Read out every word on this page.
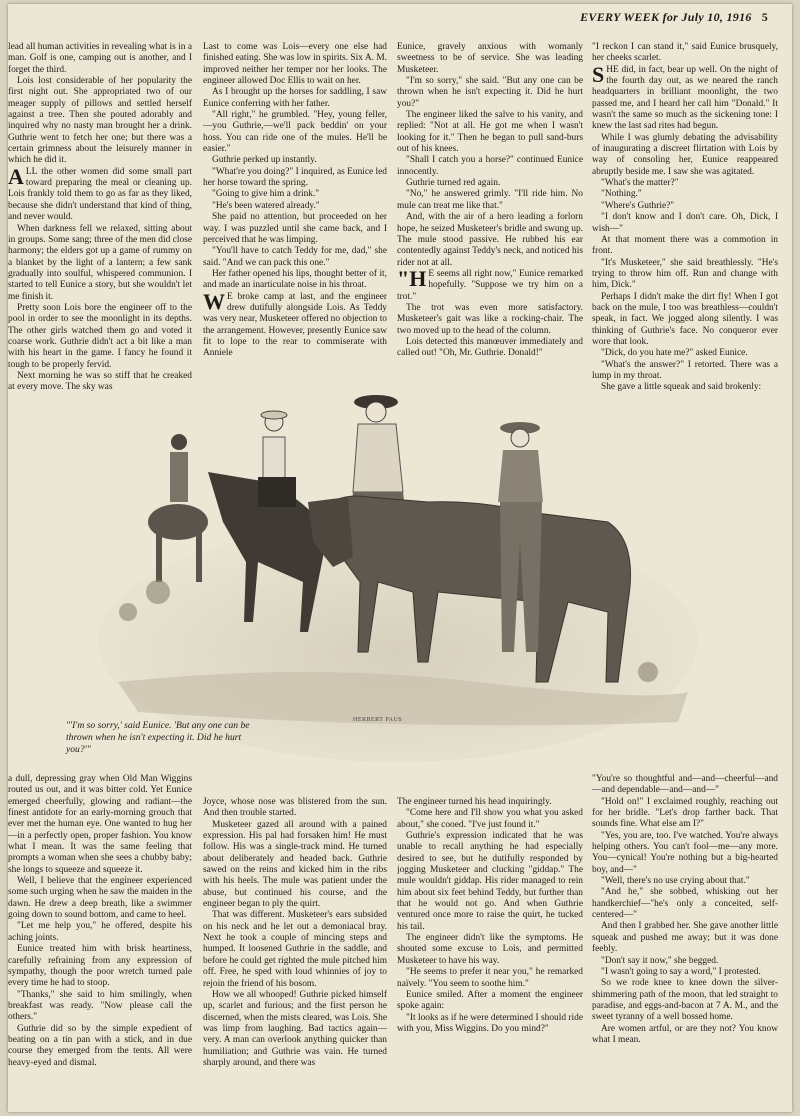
EVERY WEEK for July 10, 1916 5

lead all human activities in revealing what is in a man. Golf is one, camping out is another, and I forget the third.

Lois lost considerable of her popularity the first night out. She appropriated two of our meager supply of pillows and settled herself against a tree. Then she pouted adorably and inquired why no nasty man brought her a drink. Guthrie went to fetch her one; but there was a certain grimness about the leisurely manner in which he did it.

ALL the other women did some small part toward preparing the meal or cleaning up. Lois frankly told them to go as far as they liked, because she didn't understand that kind of thing, and never would.

When darkness fell we relaxed, sitting about in groups. Some sang; three of the men did close harmony; the elders got up a game of rummy on a blanket by the light of a lantern; a few sank gradually into soulful, whispered communion. I started to tell Eunice a story, but she wouldn't let me finish it.

Pretty soon Lois bore the engineer off to the pool in order to see the moonlight in its depths. The other girls watched them go and voted it coarse work. Guthrie didn't act a bit like a man with his heart in the game. I fancy he found it tough to be properly fervid.

Next morning he was so stiff that he creaked at every move. The sky was

Last to come was Lois—every one else had finished eating. She was low in spirits. Six A. M. improved neither her temper nor her looks. The engineer allowed Doc Ellis to wait on her.

As I brought up the horses for saddling, I saw Eunice conferring with her father.

"All right," he grumbled. "Hey, young feller,—you Guthrie,—we'll pack beddin' on your hoss. You can ride one of the mules. He'll be easier."

Guthrie perked up instantly.

"What're you doing?" I inquired, as Eunice led her horse toward the spring.

"Going to give him a drink."

"He's been watered already."

She paid no attention, but proceeded on her way. I was puzzled until she came back, and I perceived that he was limping.

"You'll have to catch Teddy for me, dad," she said. "And we can pack this one."

Her father opened his lips, thought better of it, and made an inarticulate noise in his throat.

WE broke camp at last, and the engineer drew dutifully alongside Lois. As Teddy was very near, Musketeer offered no objection to the arrangement. However, presently Eunice saw fit to lope to the rear to commiserate with Anniele

Eunice, gravely anxious with womanly sweetness to be of service. She was leading Musketeer.

"I'm so sorry," she said. "But any one can be thrown when he isn't expecting it. Did he hurt you?"

The engineer liked the salve to his vanity, and replied: "Not at all. He got me when I wasn't looking for it." Then he began to pull sand-burs out of his knees.

"Shall I catch you a horse?" continued Eunice innocently.

Guthrie turned red again.

"No," he answered grimly. "I'll ride him. No mule can treat me like that."

And, with the air of a hero leading a forlorn hope, he seized Musketeer's bridle and swung up. The mule stood passive. He rubbed his ear contentedly against Teddy's neck, and noticed his rider not at all.

"HE seems all right now," Eunice remarked hopefully. "Suppose we try him on a trot."

The trot was even more satisfactory. Musketeer's gait was like a rocking-chair. The two moved up to the head of the column.

Lois detected this manœuver immediately and called out! "Oh, Mr. Guthrie. Donald!"

"I reckon I can stand it," said Eunice brusquely, her cheeks scarlet.

SHE did, in fact, bear up well. On the night of the fourth day out, as we neared the ranch headquarters in brilliant moonlight, the two passed me, and I heard her call him "Donald." It wasn't the same so much as the sickening tone: I knew the last sad rites had begun.

While I was glumly debating the advisability of inaugurating a discreet flirtation with Lois by way of consoling her, Eunice reappeared abruptly beside me. I saw she was agitated.

"What's the matter?"

"Nothing."

"Where's Guthrie?"

"I don't know and I don't care. Oh, Dick, I wish—"

At that moment there was a commotion in front.

"It's Musketeer," she said breathlessly. "He's trying to throw him off. Run and change with him, Dick."

Perhaps I didn't make the dirt fly! When I got back on the mule, I too was breathless—couldn't speak, in fact. We jogged along silently. I was thinking of Guthrie's face. No conqueror ever wore that look.

"Dick, do you hate me?" asked Eunice.

"What's the answer?" I retorted. There was a lump in my throat.

She gave a little squeak and said brokenly:

"'I'm so sorry,' said Eunice. 'But any one can be thrown when he isn't expecting it. Did he hurt you?'"
HERBERT PAUS

a dull, depressing gray when Old Man Wiggins routed us out, and it was bitter cold. Yet Eunice emerged cheerfully, glowing and radiant—the finest antidote for an early-morning grouch that ever met the human eye. One wanted to hug her—in a perfectly open, proper fashion. You know what I mean. It was the same feeling that prompts a woman when she sees a chubby baby; she longs to squeeze and squeeze it.

Well, I believe that the engineer experienced some such urging when he saw the maiden in the dawn. He drew a deep breath, like a swimmer going down to sound bottom, and came to heel.

"Let me help you," he offered, despite his aching joints.

Eunice treated him with brisk heartiness, carefully refraining from any expression of sympathy, though the poor wretch turned pale every time he had to stoop.

"Thanks," she said to him smilingly, when breakfast was ready. "Now please call the others."

Guthrie did so by the simple expedient of beating on a tin pan with a stick, and in due course they emerged from the tents. All were heavy-eyed and dismal.

Joyce, whose nose was blistered from the sun. And then trouble started.

Musketeer gazed all around with a pained expression. His pal had forsaken him! He must follow. His was a single-track mind. He turned about deliberately and headed back. Guthrie sawed on the reins and kicked him in the ribs with his heels. The mule was patient under the abuse, but continued his course, and the engineer began to ply the quirt.

That was different. Musketeer's ears subsided on his neck and he let out a demoniacal bray. Next he took a couple of mincing steps and humped. It loosened Guthrie in the saddle, and before he could get righted the mule pitched him off. Free, he sped with loud whinnies of joy to rejoin the friend of his bosom.

How we all whooped! Guthrie picked himself up, scarlet and furious; and the first person he discerned, when the mists cleared, was Lois. She was limp from laughing. Bad tactics again—very. A man can overlook anything quicker than humiliation; and Guthrie was vain. He turned sharply around, and there was

The engineer turned his head inquiringly.

"Come here and I'll show you what you asked about," she cooed. "I've just found it."

Guthrie's expression indicated that he was unable to recall anything he had especially desired to see, but he dutifully responded by jogging Musketeer and clucking "giddap." The mule wouldn't giddap. His rider managed to rein him about six feet behind Teddy, but further than that he would not go. And when Guthrie ventured once more to raise the quirt, he tucked his tail.

The engineer didn't like the symptoms. He shouted some excuse to Lois, and permitted Musketeer to have his way.

"He seems to prefer it near you," he remarked naïvely. "You seem to soothe him."

Eunice smiled. After a moment the engineer spoke again:

"It looks as if he were determined I should ride with you, Miss Wiggins. Do you mind?"

"You're so thoughtful and—and—cheerful—and—and dependable—and—and—"

"Hold on!" I exclaimed roughly, reaching out for her bridle. "Let's drop farther back. That sounds fine. What else am I?"

"Yes, you are, too. I've watched. You're always helping others. You can't fool—me—any more. You—cynical! You're nothing but a big-hearted boy, and—"

"Well, there's no use crying about that."

"And he," she sobbed, whisking out her handkerchief—"he's only a conceited, self-centered—"

And then I grabbed her. She gave another little squeak and pushed me away; but it was done feebly.

"Don't say it now," she begged.

"I wasn't going to say a word," I protested.

So we rode knee to knee down the silver-shimmering path of the moon, that led straight to paradise, and eggs-and-bacon at 7 A. M., and the sweet tyranny of a well bossed home.

Are women artful, or are they not? You know what I mean.
